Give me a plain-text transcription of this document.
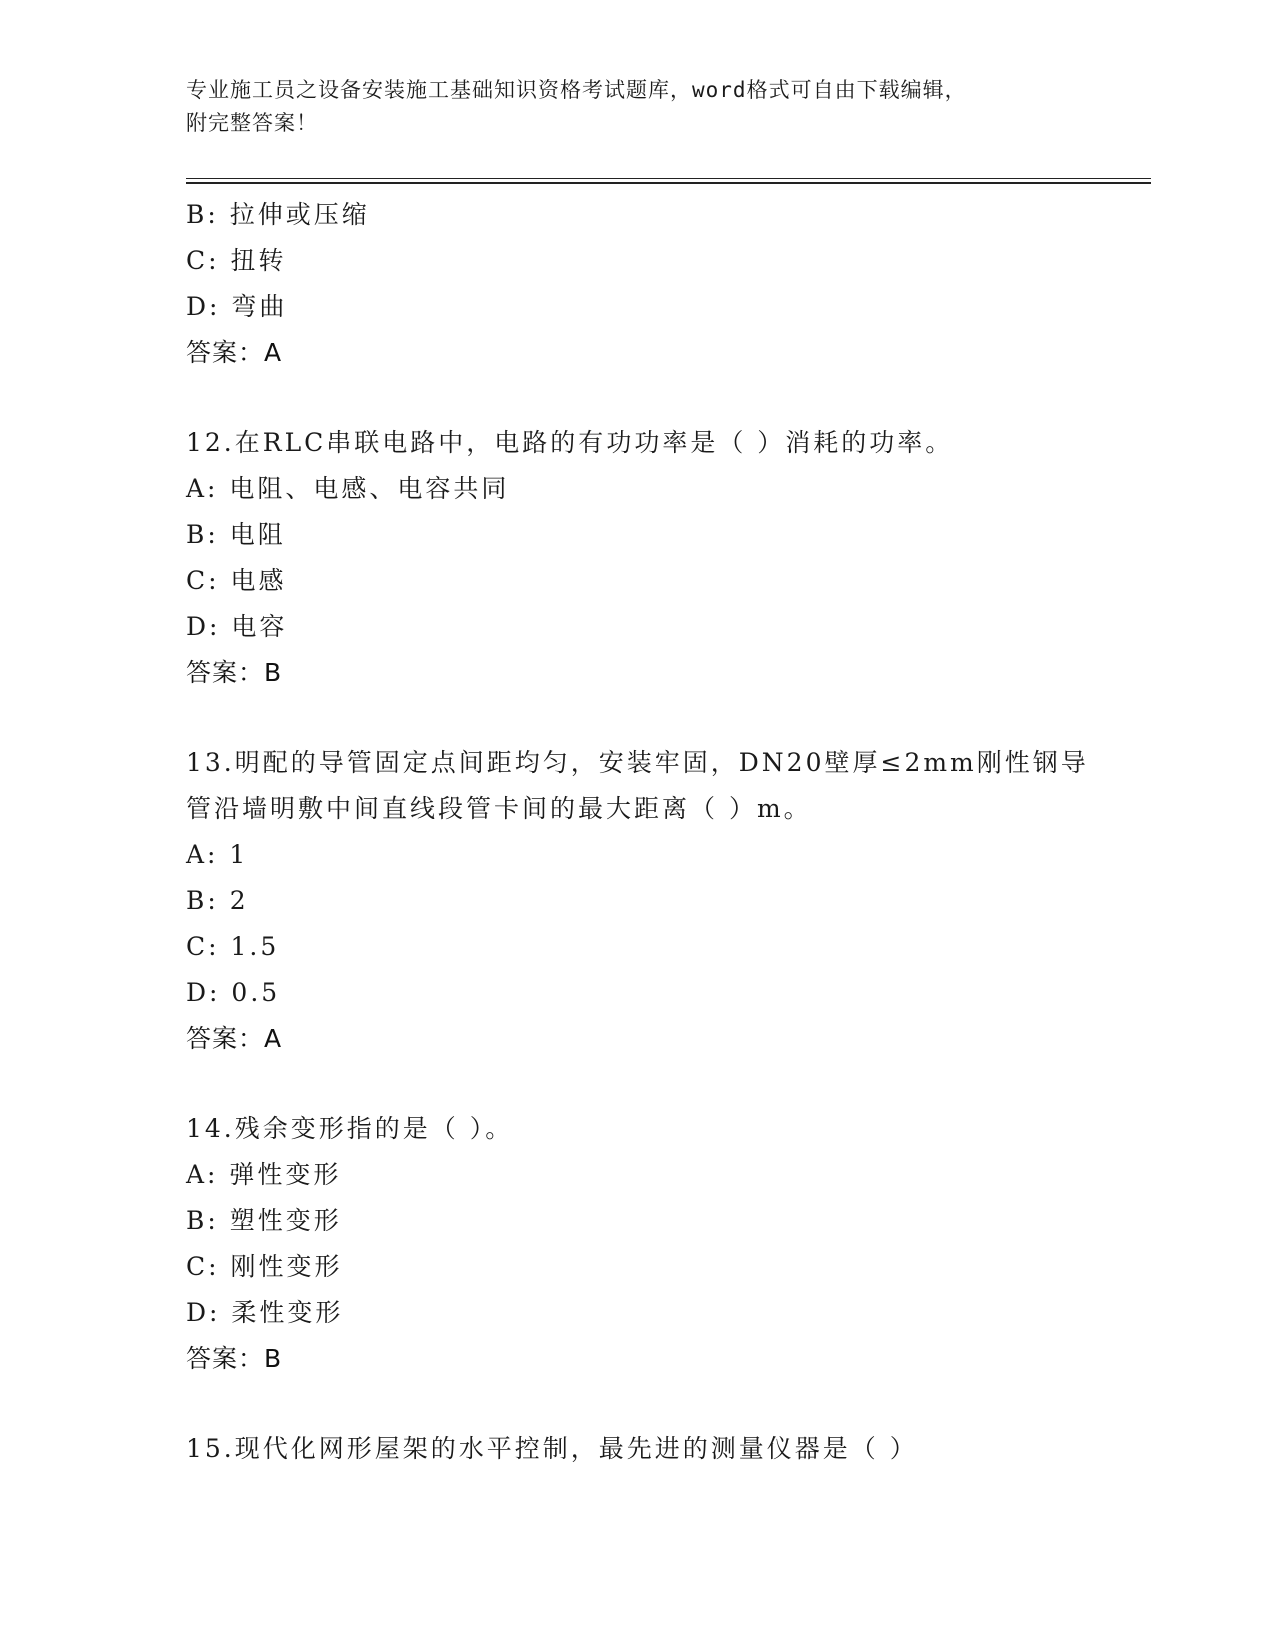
专业施工员之设备安装施工基础知识资格考试题库，word格式可自由下载编辑，
附完整答案！
B: 拉伸或压缩
C: 扭转
D: 弯曲
答案：A
12.在RLC串联电路中，电路的有功功率是（ ）消耗的功率。
A: 电阻、电感、电容共同
B: 电阻
C: 电感
D: 电容
答案：B
13.明配的导管固定点间距均匀，安装牢固，DN20壁厚≤2mm刚性钢导
管沿墙明敷中间直线段管卡间的最大距离（ ）m。
A: 1
B: 2
C: 1.5
D: 0.5
答案：A
14.残余变形指的是（ ）。
A: 弹性变形
B: 塑性变形
C: 刚性变形
D: 柔性变形
答案：B
15.现代化网形屋架的水平控制，最先进的测量仪器是（ ）
